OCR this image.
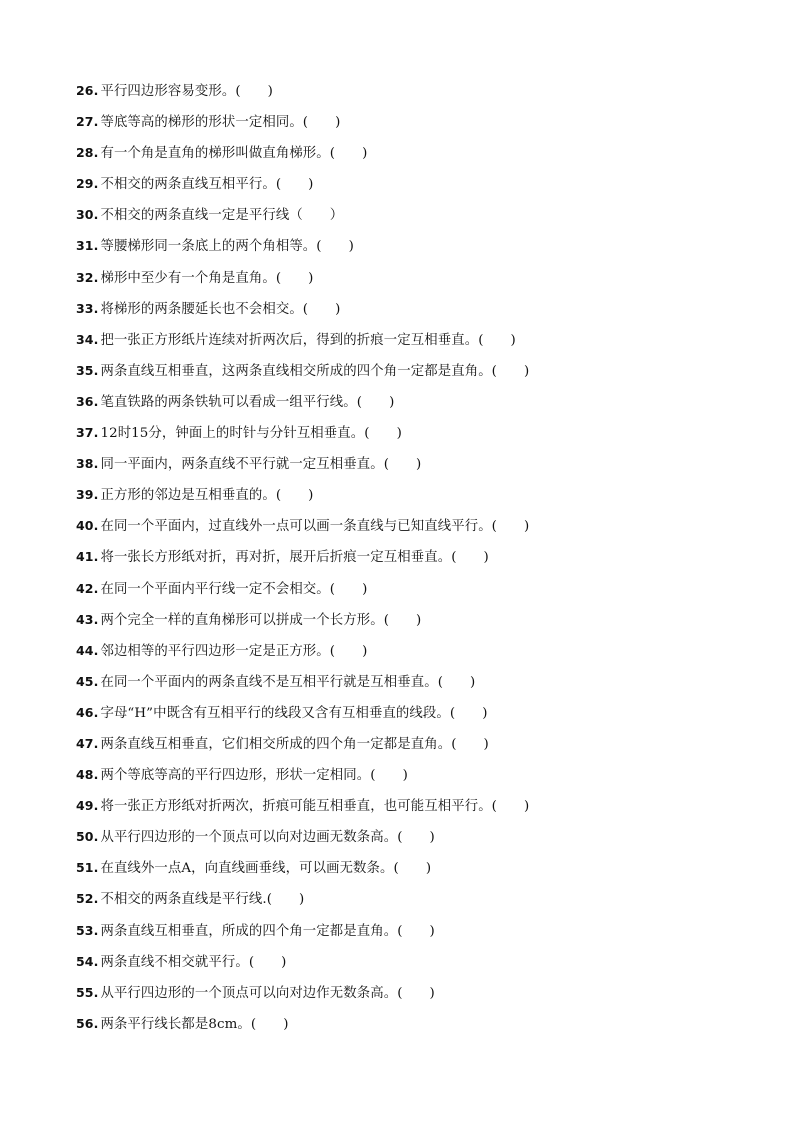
26. 平行四边形容易变形。(　　)
27. 等底等高的梯形的形状一定相同。(　　)
28. 有一个角是直角的梯形叫做直角梯形。(　　)
29. 不相交的两条直线互相平行。(　　)
30. 不相交的两条直线一定是平行线（　　）
31. 等腰梯形同一条底上的两个角相等。(　　)
32. 梯形中至少有一个角是直角。(　　)
33. 将梯形的两条腰延长也不会相交。(　　)
34. 把一张正方形纸片连续对折两次后，得到的折痕一定互相垂直。(　　)
35. 两条直线互相垂直，这两条直线相交所成的四个角一定都是直角。(　　)
36. 笔直铁路的两条铁轨可以看成一组平行线。(　　)
37. 12时15分，钟面上的时针与分针互相垂直。(　　)
38. 同一平面内，两条直线不平行就一定互相垂直。(　　)
39. 正方形的邻边是互相垂直的。(　　)
40. 在同一个平面内，过直线外一点可以画一条直线与已知直线平行。(　　)
41. 将一张长方形纸对折，再对折，展开后折痕一定互相垂直。(　　)
42. 在同一个平面内平行线一定不会相交。(　　)
43. 两个完全一样的直角梯形可以拼成一个长方形。(　　)
44. 邻边相等的平行四边形一定是正方形。(　　)
45. 在同一个平面内的两条直线不是互相平行就是互相垂直。(　　)
46. 字母“H”中既含有互相平行的线段又含有互相垂直的线段。(　　)
47. 两条直线互相垂直，它们相交所成的四个角一定都是直角。(　　)
48. 两个等底等高的平行四边形，形状一定相同。(　　)
49. 将一张正方形纸对折两次，折痕可能互相垂直，也可能互相平行。(　　)
50. 从平行四边形的一个顶点可以向对边画无数条高。(　　)
51. 在直线外一点A，向直线画垂线，可以画无数条。(　　)
52. 不相交的两条直线是平行线.(　　)
53. 两条直线互相垂直，所成的四个角一定都是直角。(　　)
54. 两条直线不相交就平行。(　　)
55. 从平行四边形的一个顶点可以向对边作无数条高。(　　)
56. 两条平行线长都是8cm。(　　)
